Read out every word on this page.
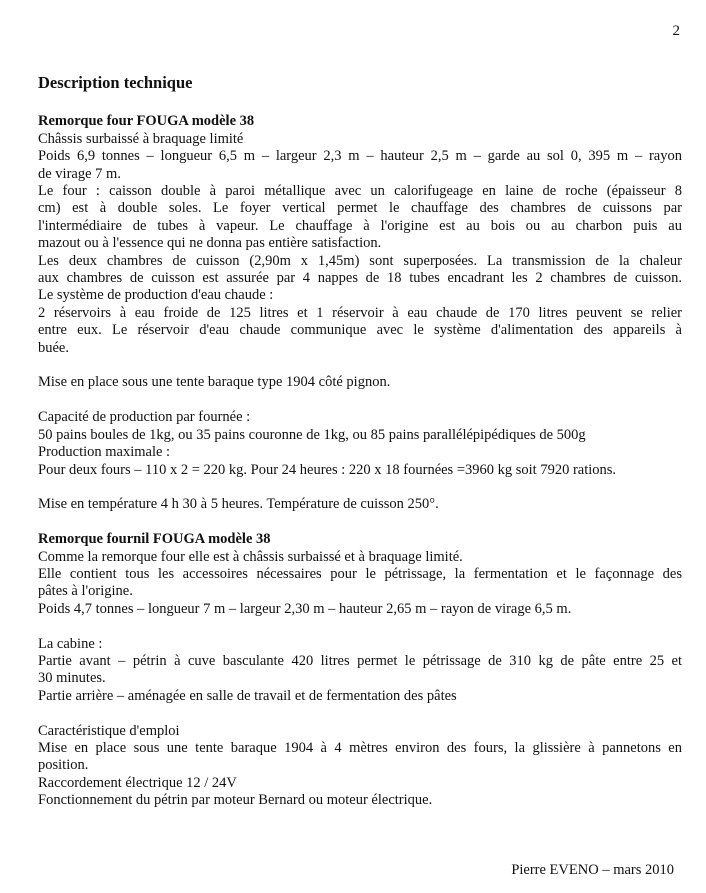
2
Description technique
Remorque four FOUGA modèle 38
Châssis surbaissé à braquage limité
Poids 6,9 tonnes – longueur 6,5 m – largeur 2,3 m – hauteur 2,5 m – garde au sol 0, 395 m – rayon
de virage 7 m.
Le four : caisson double à paroi métallique avec un calorifugeage en laine de roche (épaisseur 8
cm) est à double soles. Le foyer vertical permet le chauffage des chambres de cuissons par
l'intermédiaire de tubes à vapeur. Le chauffage à l'origine est au bois ou au charbon puis au
mazout ou à l'essence qui ne donna pas entière satisfaction.
Les deux chambres de cuisson (2,90m x 1,45m) sont superposées. La transmission de la chaleur
aux chambres de cuisson est assurée par 4 nappes de 18 tubes encadrant les 2 chambres de cuisson.
Le système de production d'eau chaude :
2 réservoirs à eau froide de 125 litres et 1 réservoir à eau chaude de 170 litres peuvent se relier
entre eux. Le réservoir d'eau chaude communique avec le système d'alimentation des appareils à
buée.
Mise en place sous une tente baraque type 1904 côté pignon.
Capacité de production par fournée :
50 pains boules de 1kg, ou 35 pains couronne de 1kg, ou 85 pains parallélépipédiques de 500g
Production maximale :
Pour deux fours – 110 x 2 = 220 kg. Pour 24 heures : 220 x 18 fournées =3960 kg soit 7920 rations.
Mise en température 4 h 30 à 5 heures. Température de cuisson 250°.
Remorque fournil FOUGA modèle 38
Comme la remorque four elle est à châssis surbaissé et à braquage limité.
Elle contient tous les accessoires nécessaires pour le pétrissage, la fermentation et le façonnage des
pâtes à l'origine.
Poids 4,7 tonnes – longueur 7 m – largeur 2,30 m – hauteur 2,65 m – rayon de virage 6,5 m.
La cabine :
Partie avant – pétrin à cuve basculante 420 litres permet le pétrissage de 310 kg de pâte entre 25 et
30 minutes.
Partie arrière – aménagée en salle de travail et de fermentation des pâtes
Caractéristique d'emploi
Mise en place sous une tente baraque 1904 à 4 mètres environ des fours, la glissière à pannetons en
position.
Raccordement électrique 12 / 24V
Fonctionnement du pétrin par moteur Bernard ou moteur électrique.
Pierre EVENO – mars 2010
